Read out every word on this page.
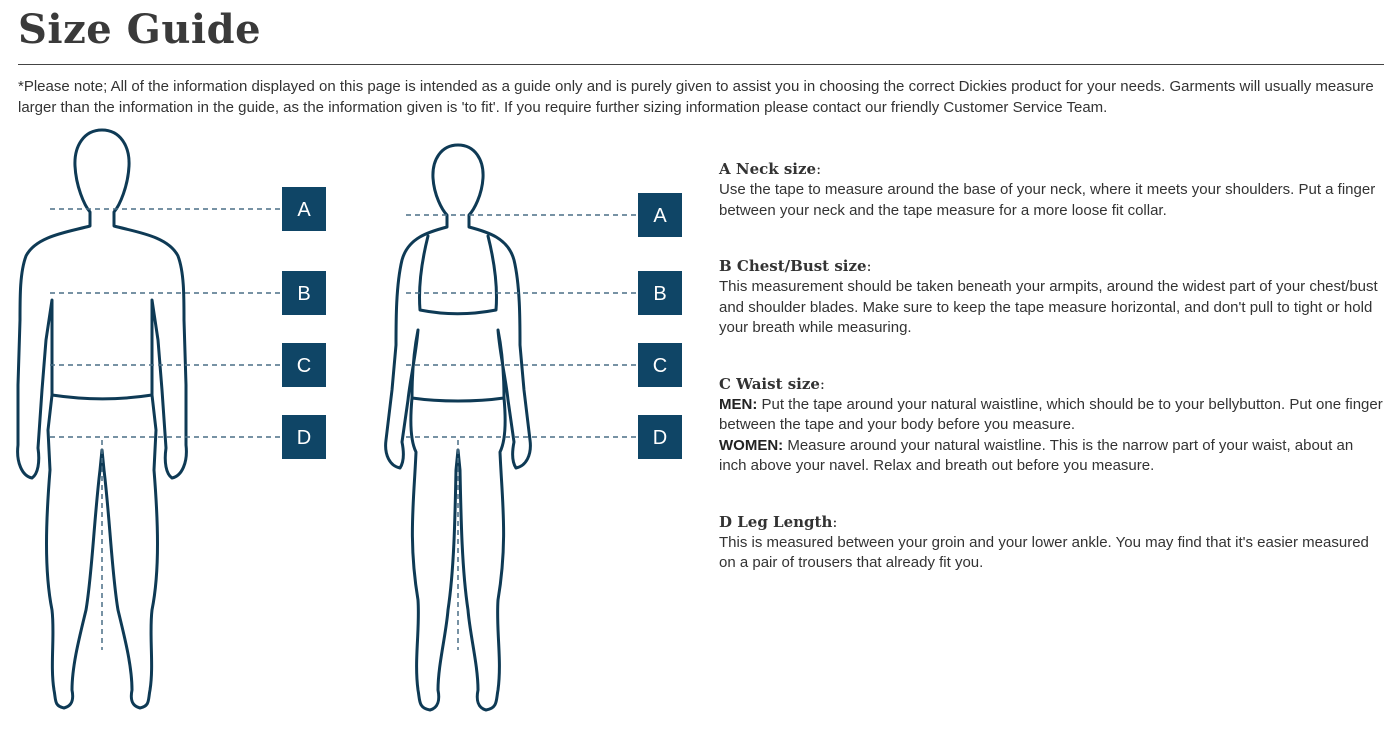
Size Guide

*Please note; All of the information displayed on this page is intended as a guide only and is purely given to assist you in choosing the correct Dickies product for your needs. Garments will usually measure larger than the information in the guide, as the information given is 'to fit'. If you require further sizing information please contact our friendly Customer Service Team.

A
B
C
D
A
B
C
D
A Neck size:

Use the tape to measure around the base of your neck, where it meets your shoulders. Put a finger between your neck and the tape measure for a more loose fit collar.

B Chest/Bust size:

This measurement should be taken beneath your armpits, around the widest part of your chest/bust and shoulder blades. Make sure to keep the tape measure horizontal, and don't pull to tight or hold your breath while measuring.

C Waist size:

MEN: Put the tape around your natural waistline, which should be to your bellybutton. Put one finger between the tape and your body before you measure.

WOMEN: Measure around your natural waistline. This is the narrow part of your waist, about an inch above your navel. Relax and breath out before you measure.

D Leg Length:

This is measured between your groin and your lower ankle. You may find that it's easier measured on a pair of trousers that already fit you.
